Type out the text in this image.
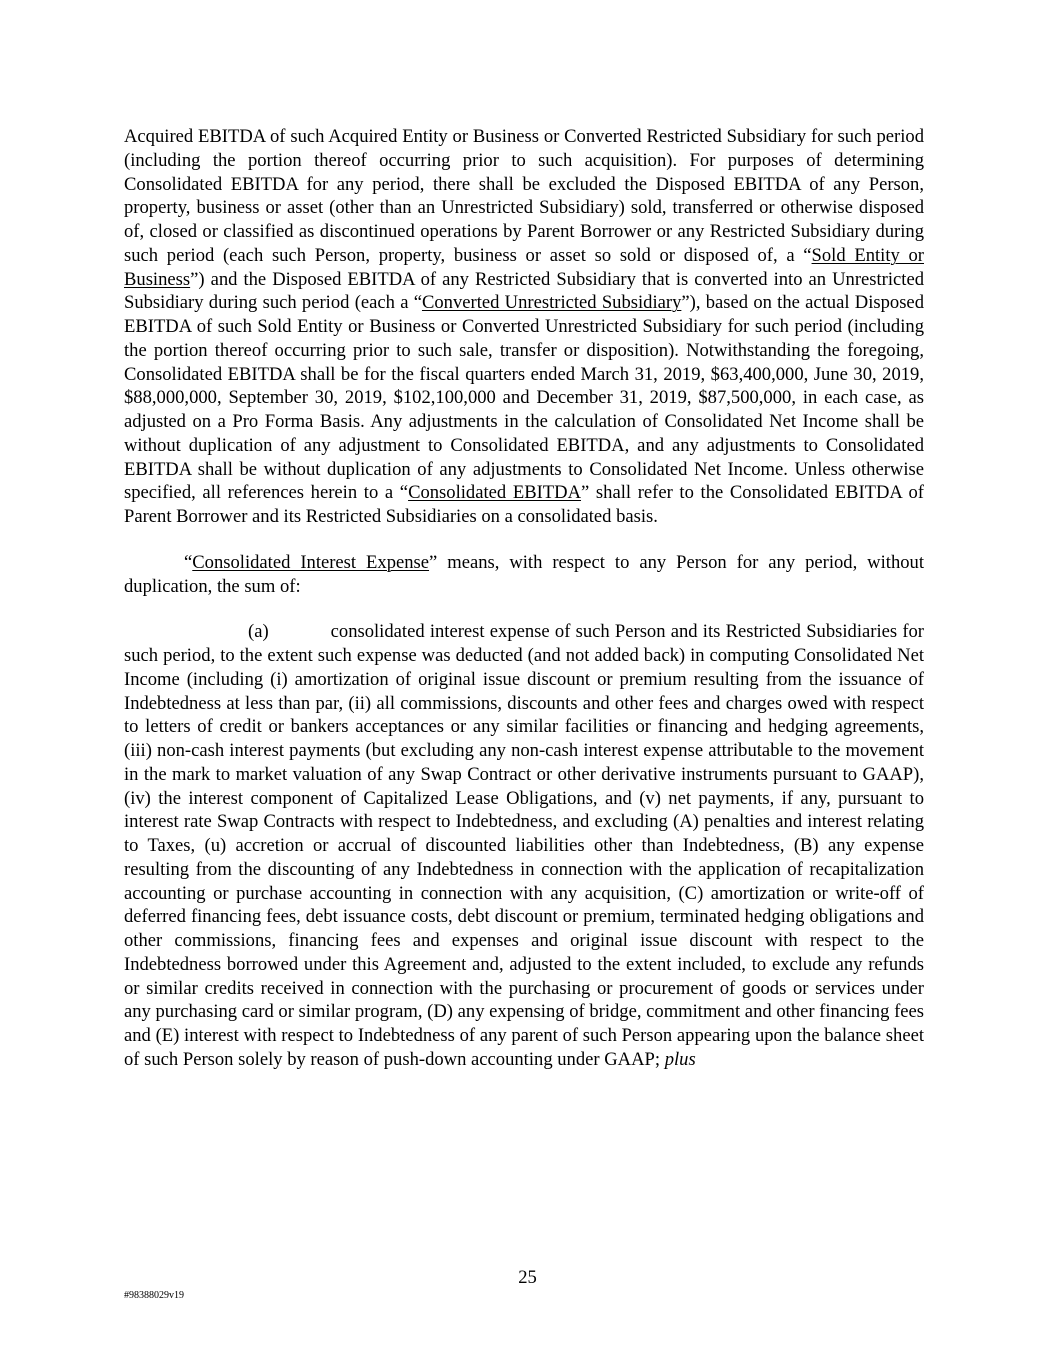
Acquired EBITDA of such Acquired Entity or Business or Converted Restricted Subsidiary for such period (including the portion thereof occurring prior to such acquisition). For purposes of determining Consolidated EBITDA for any period, there shall be excluded the Disposed EBITDA of any Person, property, business or asset (other than an Unrestricted Subsidiary) sold, transferred or otherwise disposed of, closed or classified as discontinued operations by Parent Borrower or any Restricted Subsidiary during such period (each such Person, property, business or asset so sold or disposed of, a “Sold Entity or Business”) and the Disposed EBITDA of any Restricted Subsidiary that is converted into an Unrestricted Subsidiary during such period (each a “Converted Unrestricted Subsidiary”), based on the actual Disposed EBITDA of such Sold Entity or Business or Converted Unrestricted Subsidiary for such period (including the portion thereof occurring prior to such sale, transfer or disposition). Notwithstanding the foregoing, Consolidated EBITDA shall be for the fiscal quarters ended March 31, 2019, $63,400,000, June 30, 2019, $88,000,000, September 30, 2019, $102,100,000 and December 31, 2019, $87,500,000, in each case, as adjusted on a Pro Forma Basis. Any adjustments in the calculation of Consolidated Net Income shall be without duplication of any adjustment to Consolidated EBITDA, and any adjustments to Consolidated EBITDA shall be without duplication of any adjustments to Consolidated Net Income. Unless otherwise specified, all references herein to a “Consolidated EBITDA” shall refer to the Consolidated EBITDA of Parent Borrower and its Restricted Subsidiaries on a consolidated basis.

“Consolidated Interest Expense” means, with respect to any Person for any period, without duplication, the sum of:

(a)	consolidated interest expense of such Person and its Restricted Subsidiaries for such period, to the extent such expense was deducted (and not added back) in computing Consolidated Net Income (including (i) amortization of original issue discount or premium resulting from the issuance of Indebtedness at less than par, (ii) all commissions, discounts and other fees and charges owed with respect to letters of credit or bankers acceptances or any similar facilities or financing and hedging agreements, (iii) non-cash interest payments (but excluding any non-cash interest expense attributable to the movement in the mark to market valuation of any Swap Contract or other derivative instruments pursuant to GAAP), (iv) the interest component of Capitalized Lease Obligations, and (v) net payments, if any, pursuant to interest rate Swap Contracts with respect to Indebtedness, and excluding (A) penalties and interest relating to Taxes, (u) accretion or accrual of discounted liabilities other than Indebtedness, (B) any expense resulting from the discounting of any Indebtedness in connection with the application of recapitalization accounting or purchase accounting in connection with any acquisition, (C) amortization or write-off of deferred financing fees, debt issuance costs, debt discount or premium, terminated hedging obligations and other commissions, financing fees and expenses and original issue discount with respect to the Indebtedness borrowed under this Agreement and, adjusted to the extent included, to exclude any refunds or similar credits received in connection with the purchasing or procurement of goods or services under any purchasing card or similar program, (D) any expensing of bridge, commitment and other financing fees and (E) interest with respect to Indebtedness of any parent of such Person appearing upon the balance sheet of such Person solely by reason of push-down accounting under GAAP; plus

25
#98388029v19
